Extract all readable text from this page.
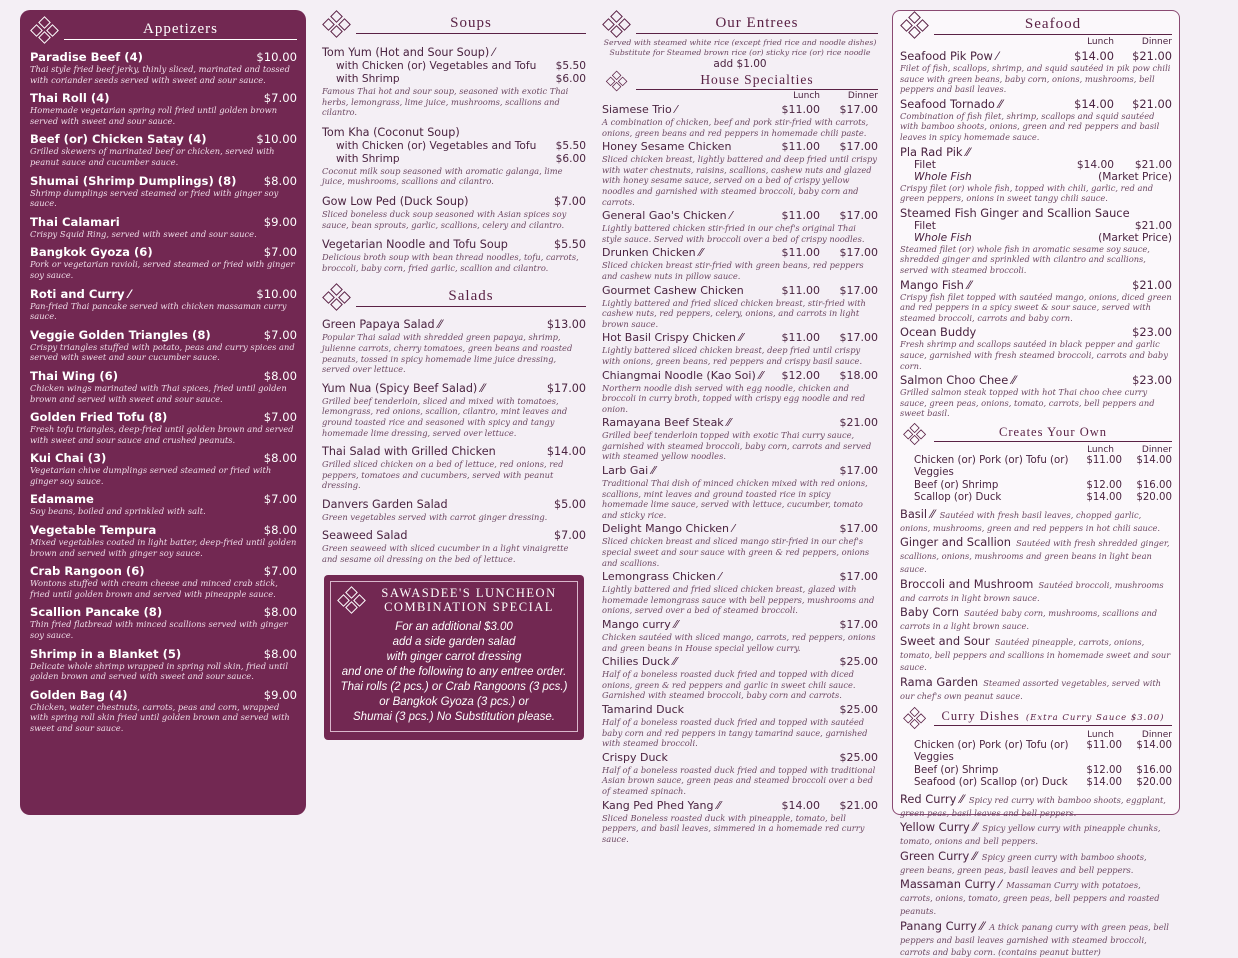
Appetizers
Paradise Beef (4)	$10.00
Thai style fried beef jerky, thinly sliced, marinated and tossed with coriander seeds served with sweet and sour sauce.
Thai Roll (4)	$7.00
Homemade vegetarian spring roll fried until golden brown served with sweet and sour sauce.
Beef (or) Chicken Satay (4)	$10.00
Grilled skewers of marinated beef or chicken, served with peanut sauce and cucumber sauce.
Shumai (Shrimp Dumplings) (8) $8.00
Shrimp dumplings served steamed or fried with ginger soy sauce.
Thai Calamari	$9.00
Crispy Squid Ring, served with sweet and sour sauce.
Bangkok Gyoza (6)	$7.00
Pork or vegetarian ravioli, served steamed or fried with ginger soy sauce.
Roti and Curry ⁄	$10.00
Pan-fried Thai pancake served with chicken massaman curry sauce.
Veggie Golden Triangles (8)	$7.00
Crispy triangles stuffed with potato, peas and curry spices and served with sweet and sour cucumber sauce.
Thai Wing (6)	$8.00
Chicken wings marinated with Thai spices, fried until golden brown and served with sweet and sour sauce.
Golden Fried Tofu (8)	$7.00
Fresh tofu triangles, deep-fried until golden brown and served with sweet and sour sauce and crushed peanuts.
Kui Chai (3)	$8.00
Vegetarian chive dumplings served steamed or fried with ginger soy sauce.
Edamame	$7.00
Soy beans, boiled and sprinkled with salt.
Vegetable Tempura	$8.00
Mixed vegetables coated in light batter, deep-fried until golden brown and served with ginger soy sauce.
Crab Rangoon (6)	$7.00
Wontons stuffed with cream cheese and minced crab stick, fried until golden brown and served with pineapple sauce.
Scallion Pancake (8)	$8.00
Thin fried flatbread with minced scallions served with ginger soy sauce.
Shrimp in a Blanket (5)	$8.00
Delicate whole shrimp wrapped in spring roll skin, fried until golden brown and served with sweet and sour sauce.
Golden Bag (4)	$9.00
Chicken, water chestnuts, carrots, peas and corn, wrapped with spring roll skin fried until golden brown and served with sweet and sour sauce.
Soups
Tom Yum (Hot and Sour Soup) ⁄
with Chicken (or) Vegetables and Tofu $5.50
with Shrimp	$6.00
Famous Thai hot and sour soup, seasoned with exotic Thai herbs, lemongrass, lime juice, mushrooms, scallions and cilantro.
Tom Kha (Coconut Soup)
with Chicken (or) Vegetables and Tofu $5.50
with Shrimp	$6.00
Coconut milk soup seasoned with aromatic galanga, lime juice, mushrooms, scallions and cilantro.
Gow Low Ped (Duck Soup)	$7.00
Sliced boneless duck soup seasoned with Asian spices soy sauce, bean sprouts, garlic, scallions, celery and cilantro.
Vegetarian Noodle and Tofu Soup	$5.50
Delicious broth soup with bean thread noodles, tofu, carrots, broccoli, baby corn, fried garlic, scallion and cilantro.
Salads
Green Papaya Salad ⁄⁄	$13.00
Popular Thai salad with shredded green papaya, shrimp, julienne carrots, cherry tomatoes, green beans and roasted peanuts, tossed in spicy homemade lime juice dressing, served over lettuce.
Yum Nua (Spicy Beef Salad) ⁄⁄	$17.00
Grilled beef tenderloin, sliced and mixed with tomatoes, lemongrass, red onions, scallion, cilantro, mint leaves and ground toasted rice and seasoned with spicy and tangy homemade lime dressing, served over lettuce.
Thai Salad with Grilled Chicken	$14.00
Grilled sliced chicken on a bed of lettuce, red onions, red peppers, tomatoes and cucumbers, served with peanut dressing.
Danvers Garden Salad	$5.00
Green vegetables served with carrot ginger dressing.
Seaweed Salad	$7.00
Green seaweed with sliced cucumber in a light vinaigrette and sesame oil dressing on the bed of lettuce.
SAWASDEE'S LUNCHEON
COMBINATION SPECIAL
For an additional $3.00
add a side garden salad
with ginger carrot dressing
and one of the following to any entree order.
Thai rolls (2 pcs.) or Crab Rangoons (3 pcs.)
or Bangkok Gyoza (3 pcs.) or
Shumai (3 pcs.) No Substitution please.
Our Entrees
Served with steamed white rice (except fried rice and noodle dishes)
Substitute for Steamed brown rice (or) sticky rice (or) rice noodle
add $1.00
House Specialties
Lunch	Dinner
Siamese Trio ⁄	$11.00	$17.00
A combination of chicken, beef and pork stir-fried with carrots, onions, green beans and red peppers in homemade chili paste.
Honey Sesame Chicken	$11.00	$17.00
Sliced chicken breast, lightly battered and deep fried until crispy with water chestnuts, raisins, scallions, cashew nuts and glazed with honey sesame sauce, served on a bed of crispy yellow noodles and garnished with steamed broccoli, baby corn and carrots.
General Gao's Chicken ⁄	$11.00	$17.00
Lightly battered chicken stir-fried in our chef's original Thai style sauce. Served with broccoli over a bed of crispy noodles.
Drunken Chicken ⁄⁄	$11.00	$17.00
Sliced chicken breast stir-fried with green beans, red peppers and cashew nuts in pillow sauce.
Gourmet Cashew Chicken	$11.00	$17.00
Lightly battered and fried sliced chicken breast, stir-fried with cashew nuts, red peppers, celery, onions, and carrots in light brown sauce.
Hot Basil Crispy Chicken ⁄⁄	$11.00	$17.00
Lightly battered sliced chicken breast, deep fried until crispy with onions, green beans, red peppers and crispy basil sauce.
Chiangmai Noodle (Kao Soi) ⁄⁄	$12.00	$18.00
Northern noodle dish served with egg noodle, chicken and broccoli in curry broth, topped with crispy egg noodle and red onion.
Ramayana Beef Steak ⁄⁄	$21.00
Grilled beef tenderloin topped with exotic Thai curry sauce, garnished with steamed broccoli, baby corn, carrots and served with steamed yellow noodles.
Larb Gai ⁄⁄	$17.00
Traditional Thai dish of minced chicken mixed with red onions, scallions, mint leaves and ground toasted rice in spicy homemade lime sauce, served with lettuce, cucumber, tomato and sticky rice.
Delight Mango Chicken ⁄	$17.00
Sliced chicken breast and sliced mango stir-fried in our chef's special sweet and sour sauce with green & red peppers, onions and scallions.
Lemongrass Chicken ⁄	$17.00
Lightly battered and fried sliced chicken breast, glazed with homemade lemongrass sauce with bell peppers, mushrooms and onions, served over a bed of steamed broccoli.
Mango curry ⁄⁄	$17.00
Chicken sautéed with sliced mango, carrots, red peppers, onions and green beans in House special yellow curry.
Chilies Duck ⁄⁄	$25.00
Half of a boneless roasted duck fried and topped with diced onions, green & red peppers and garlic in sweet chili sauce. Garnished with steamed broccoli, baby corn and carrots.
Tamarind Duck	$25.00
Half of a boneless roasted duck fried and topped with sautéed baby corn and red peppers in tangy tamarind sauce, garnished with steamed broccoli.
Crispy Duck	$25.00
Half of a boneless roasted duck fried and topped with traditional Asian brown sauce, green peas and steamed broccoli over a bed of steamed spinach.
Kang Ped Phed Yang ⁄⁄	$14.00	$21.00
Sliced Boneless roasted duck with pineapple, tomato, bell peppers, and basil leaves, simmered in a homemade red curry sauce.
Seafood
Lunch	Dinner
Seafood Pik Pow ⁄	$14.00	$21.00
Filet of fish, scallops, shrimp, and squid sautéed in pik pow chili sauce with green beans, baby corn, onions, mushrooms, bell peppers and basil leaves.
Seafood Tornado ⁄⁄	$14.00	$21.00
Combination of fish filet, shrimp, scallops and squid sautéed with bamboo shoots, onions, green and red peppers and basil leaves in spicy homemade sauce.
Pla Rad Pik ⁄⁄
Filet	$14.00	$21.00
Whole Fish	(Market Price)
Crispy filet (or) whole fish, topped with chili, garlic, red and green peppers, onions in sweet tangy chili sauce.
Steamed Fish Ginger and Scallion Sauce
Filet	$21.00
Whole Fish	(Market Price)
Steamed filet (or) whole fish in aromatic sesame soy sauce, shredded ginger and sprinkled with cilantro and scallions, served with steamed broccoli.
Mango Fish ⁄⁄	$21.00
Crispy fish filet topped with sautéed mango, onions, diced green and red peppers in a spicy sweet & sour sauce, served with steamed broccoli, carrots and baby corn.
Ocean Buddy	$23.00
Fresh shrimp and scallops sautéed in black pepper and garlic sauce, garnished with fresh steamed broccoli, carrots and baby corn.
Salmon Choo Chee ⁄⁄	$23.00
Grilled salmon steak topped with hot Thai choo chee curry sauce, green peas, onions, tomato, carrots, bell peppers and sweet basil.
Creates Your Own
Lunch	Dinner
Chicken (or) Pork (or) Tofu (or) Veggies
$11.00	$14.00
Beef (or) Shrimp	$12.00	$16.00
Scallop (or) Duck	$14.00	$20.00
Basil ⁄⁄ Sautéed with fresh basil leaves, chopped garlic, onions, mushrooms, green and red peppers in hot chili sauce.
Ginger and Scallion Sautéed with fresh shredded ginger, scallions, onions, mushrooms and green beans in light bean sauce.
Broccoli and Mushroom Sautéed broccoli, mushrooms and carrots in light brown sauce.
Baby Corn Sautéed baby corn, mushrooms, scallions and carrots in a light brown sauce.
Sweet and Sour Sautéed pineapple, carrots, onions, tomato, bell peppers and scallions in homemade sweet and sour sauce.
Rama Garden Steamed assorted vegetables, served with our chef's own peanut sauce.
Curry Dishes (Extra Curry Sauce $3.00)
Lunch	Dinner
Chicken (or) Pork (or) Tofu (or) Veggies
$11.00	$14.00
Beef (or) Shrimp	$12.00	$16.00
Seafood (or) Scallop (or) Duck	$14.00	$20.00
Red Curry ⁄⁄ Spicy red curry with bamboo shoots, eggplant, green peas, basil leaves and bell peppers.
Yellow Curry ⁄⁄ Spicy yellow curry with pineapple chunks, tomato, onions and bell peppers.
Green Curry ⁄⁄ Spicy green curry with bamboo shoots, green beans, green peas, basil leaves and bell peppers.
Massaman Curry ⁄ Massaman Curry with potatoes, carrots, onions, tomato, green peas, bell peppers and roasted peanuts.
Panang Curry ⁄⁄ A thick panang curry with green peas, bell peppers and basil leaves garnished with steamed broccoli, carrots and baby corn. (contains peanut butter)
